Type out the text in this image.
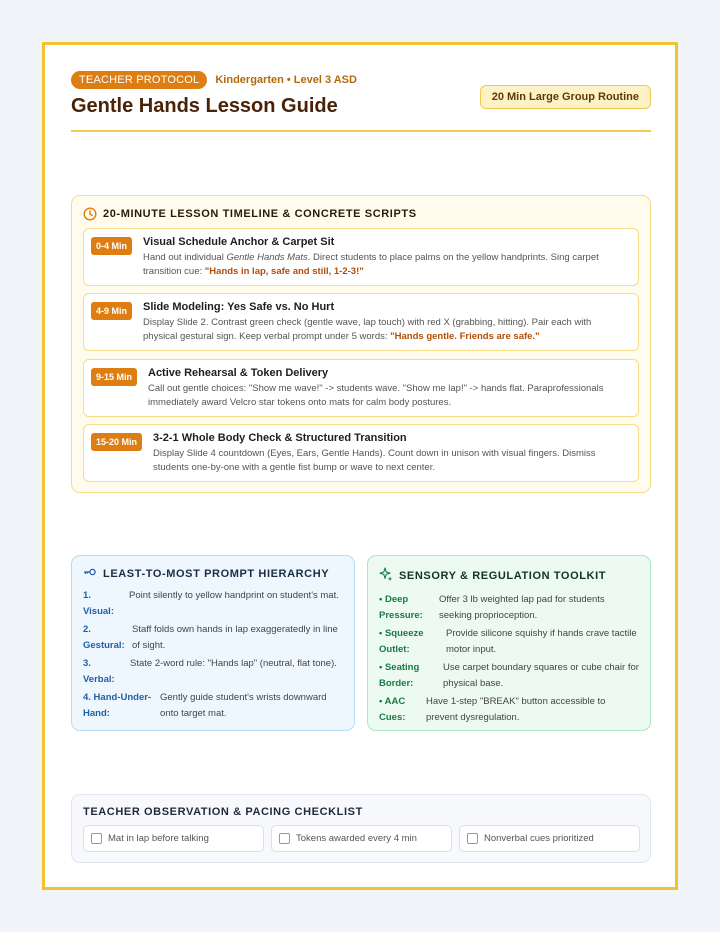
TEACHER PROTOCOL	Kindergarten • Level 3 ASD
Gentle Hands Lesson Guide	20 Min Large Group Routine
20-MINUTE LESSON TIMELINE & CONCRETE SCRIPTS
0-4 Min	Visual Schedule Anchor & Carpet Sit
Hand out individual Gentle Hands Mats. Direct students to place palms on the yellow handprints. Sing carpet transition cue: "Hands in lap, safe and still, 1-2-3!"
4-9 Min	Slide Modeling: Yes Safe vs. No Hurt
Display Slide 2. Contrast green check (gentle wave, lap touch) with red X (grabbing, hitting). Pair each with physical gestural sign. Keep verbal prompt under 5 words: "Hands gentle. Friends are safe."
9-15 Min	Active Rehearsal & Token Delivery
Call out gentle choices: "Show me wave!" -> students wave. "Show me lap!" -> hands flat. Paraprofessionals immediately award Velcro star tokens onto mats for calm body postures.
15-20 Min	3-2-1 Whole Body Check & Structured Transition
Display Slide 4 countdown (Eyes, Ears, Gentle Hands). Count down in unison with visual fingers. Dismiss students one-by-one with a gentle fist bump or wave to next center.
LEAST-TO-MOST PROMPT HIERARCHY
1. Visual:
Point silently to yellow handprint on student's mat.
2. Gestural:
Staff folds own hands in lap exaggeratedly in line of sight.
3. Verbal:
State 2-word rule: "Hands lap" (neutral, flat tone).
4. Hand-Under-Hand:
Gently guide student's wrists downward onto target mat.
SENSORY & REGULATION TOOLKIT
• Deep Pressure:
Offer 3 lb weighted lap pad for students seeking proprioception.
• Squeeze Outlet:
Provide silicone squishy if hands crave tactile motor input.
• Seating Border:
Use carpet boundary squares or cube chair for physical base.
• AAC Cues:
Have 1-step "BREAK" button accessible to prevent dysregulation.
TEACHER OBSERVATION & PACING CHECKLIST
Mat in lap before talking	Tokens awarded every 4 min	Nonverbal cues prioritized
